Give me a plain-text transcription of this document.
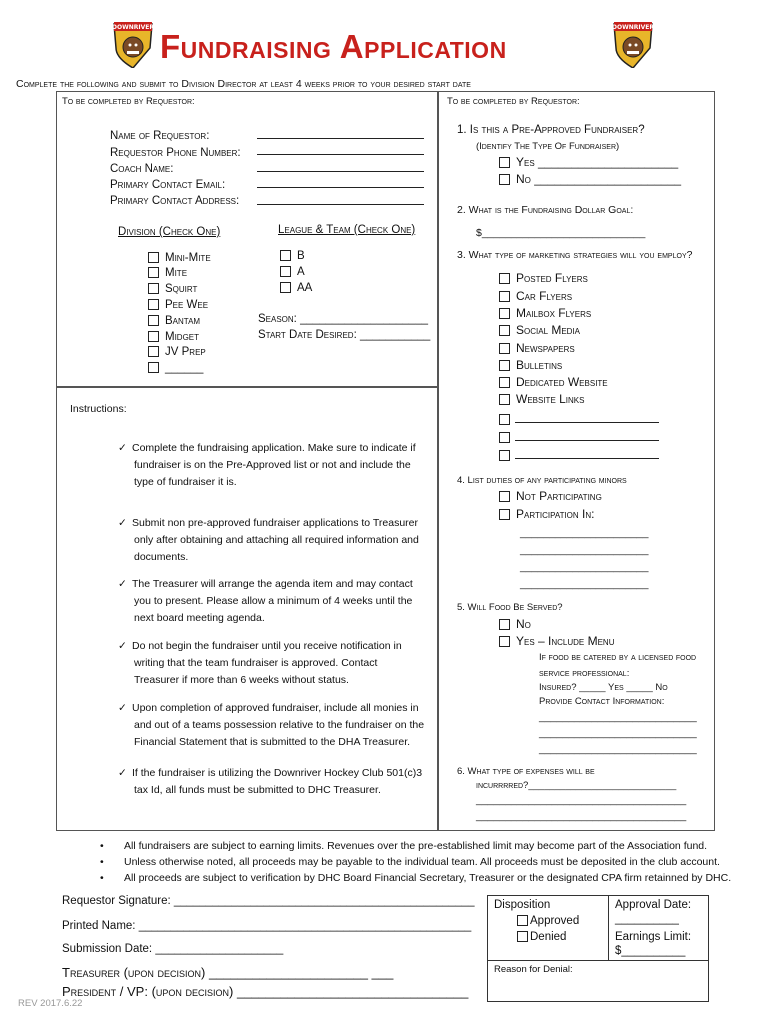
DOWNRIVER	DOWNRIVER
Fundraising Application
Complete the following and submit to Division Director at least 4 weeks prior to your desired start date
To be completed by Requestor:
Name of Requestor:
Requestor Phone Number:
Coach Name:
Primary Contact Email:
Primary Contact Address:
Division (Check One)	League & Team (Check One)
Mini-Mite
Mite
Squirt
Pee Wee
Bantam
Midget
JV Prep
______
B
A
AA
Season: ____________________
Start Date Desired: ___________
Instructions:
✓ Complete the fundraising application. Make sure to indicate if
fundraiser is on the Pre-Approved list or not and include the
type of fundraiser it is.
✓ Submit non pre-approved fundraiser applications to Treasurer
only after obtaining and attaching all required information and
documents.
✓ The Treasurer will arrange the agenda item and may contact
you to present. Please allow a minimum of 4 weeks until the
next board meeting agenda.
✓ Do not begin the fundraiser until you receive notification in
writing that the team fundraiser is approved. Contact
Treasurer if more than 6 weeks without status.
✓ Upon completion of approved fundraiser, include all monies in
and out of a teams possession relative to the fundraiser on the
Financial Statement that is submitted to the DHA Treasurer.
✓ If the fundraiser is utilizing the Downriver Hockey Club 501(c)3
tax Id, all funds must be submitted to DHC Treasurer.
To be completed by Requestor:
1. Is this a Pre-Approved Fundraiser?
(Identify The Type Of Fundraiser)
Yes _____________________
No ______________________
2. What is the Fundraising Dollar Goal:
$____________________________
3. What type of marketing strategies will you employ?
Posted Flyers
Car Flyers
Mailbox Flyers
Social Media
Newspapers
Bulletins
Dedicated Website
Website Links
4. List duties of any participating minors
Not Participating
Participation In:
______________________
______________________
______________________
______________________
5. Will Food Be Served?
No
Yes – Include Menu
If food be catered by a licensed food
service professional:
Insured? _____ Yes _____ No
Provide Contact Information:
___________________________
___________________________
___________________________
6. What type of expenses will be
incurrrred?____________________________
____________________________________
____________________________________
• All fundraisers are subject to earning limits. Revenues over the pre-established limit may become part of the Association fund.
• Unless otherwise noted, all proceeds may be payable to the individual team. All proceeds must be deposited in the club account.
• All proceeds are subject to verification by DHC Board Financial Secretary, Treasurer or the designated CPA firm retainned by DHC.
Requestor Signature: _______________________________________________
Printed Name: ____________________________________________________
Submission Date: ____________________
Treasurer (upon decision) ______________________ ___
President / VP: (upon decision) ________________________________
Disposition
Approved
Denied
Approval Date:
__________
Earnings Limit:
$__________
Reason for Denial:
REV 2017.6.22
